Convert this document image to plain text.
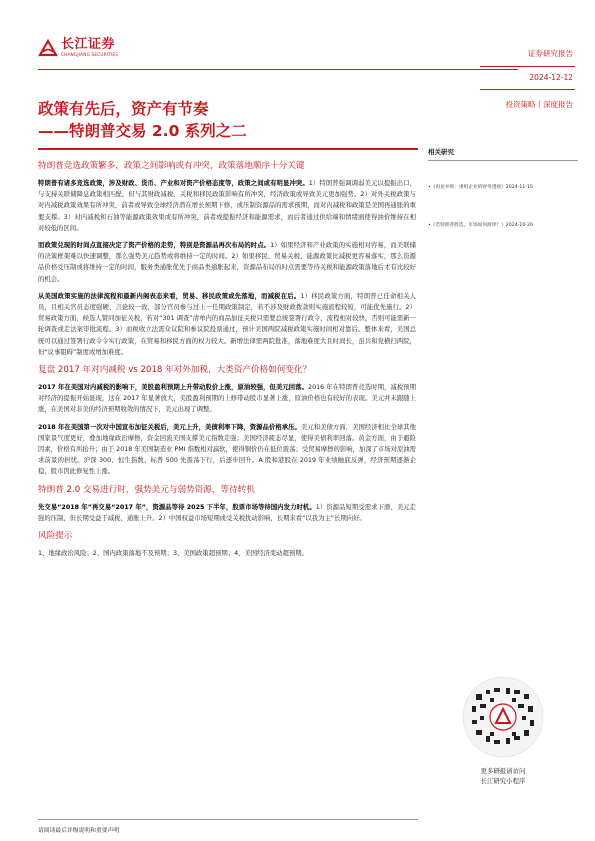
长江证券
CHANGJIANG SECURITIES	证券研究报告
2024-12-12
投资策略丨深度报告
政策有先后，资产有节奏
——特朗普交易 2.0 系列之二
特朗普竞选政策繁多，政策之间影响或有冲突，政策落地顺序十分关键

特朗普有诸多竞选政策，涉及财政、货币、产业和对资产价格态度等，政策之间或有明显冲突。1）特朗普强调调弱美元以提振出口，与支持关联储降息政策相匹配，但与其财政减税、关税和移民政策影响有所冲突，经济政策或导致美元更加强势。2）对外关税政策与对内减税政策效果有所冲突，前者或导致全球经济潜在增长预期下修，或压制资源品的需求预期，而对内减税和政策是美国再通胀的重要支撑。3）对内减税和石油等能源政策效果或有所冲突，前者或提振经济和能源需求，而后者通过供给端和情绪面使得油价维持在相对较低的区间。

而政策兑现的时间点直接决定了资产价格的走势，特别是资源品再次布局的时点。1）如果经济和产业政策的实施相对容易，而美联储的决策框架难以快速调整，那么强势美元趋势或将维持一定的时间。2）如果移民、贸易关税、能源政策比减税更容易落实，那么资源品价格受压制或将维持一定的时间，服务类通胀优先于商品类通胀起来，资源品布局的时点需要等待关税和能源政策落地后才有比较好的机会。

从美国政策实施的法律流程和最新内阁表态来看，贸易、移民政策或先落地，而减税在后。1）移民政策方面，特朗普已任命相关人员，且相关官员态度强硬、言论较一致，部分官员参与过上一任期政策制定，若不涉及财政拨款则实施流程较短，可能优先施行。2）贸易政策方面，候选人赞同加征关税，若对“301 调查”清单内的商品加征关税只需要总统签署行政令，流程相对较快，否则可能需新一轮调查或走法案审批流程。3）而税收立法需众议院和参议院投票通过，预计美国两院减税政策实施时间相对靠后。整体来看，美国总统可以通过签署行政令令实行政策，在贸易和移民方面的权力较大。新增法律需两院批准，落地难度大且时间长，虽共和党横扫两院，但“议事阻碍”制度或增加难度。

复盘 2017 年对内减税 vs 2018 年对外加税，大类资产价格如何变化？

2017 年在美国对内减税的影响下，美股盈利预期上升带动股价上涨，原油较强，但美元回落。2016 年在特朗普竞选时期，减税预期对经济的提振开始显现，这在 2017 年显著放大，美股盈利预期的上修带动股市显著上涨，原油价格也有较好的表现。美元并未跟随上涨，在美国对非美的经济预期收敛的情况下，美元出现了调整。

2018 年在美国第一次对中国宣布加征关税后，美元上升，美债利率下降，资源品价格承压。美元和美债方面，美国经济相比全球其他国家景气度更好，叠加地缘政治摩擦，资金回流美国支撑美元指数走强；美国经济疲态尽显，使得美债利率回落。黄金方面，由于避险因素，价格有所抬升；由于 2018 年美国制造业 PMI 指数相对羸软，使得铜价仍在低位震荡；受贸易摩擦的影响，加深了市场对原油需求前景的担忧。沪深 300、恒生指数、标普 500 先震荡下行，后逐步回升。A 股和港股在 2019 年业绩触底反弹，经济预期逐渐企稳，股市因此修复性上涨。

特朗普 2.0 交易进行时，强势美元与弱势资源，等待转机

先交易“2018 年”再交易“2017 年”，资源品等待 2025 下半年，股票市场等待国内发力时机。1）资源品短期受需求下滑、美元走强的压制，但长期受益于减税、通胀上升。2）中国权益市场短期或受关税扰动影响，长期来看“以我为主”长期向好。

风险提示

1、地缘政治风险；2、国内政策落地不及预期；3、美国政策超预期；4、美国经济变动超预期。

相关研究
•《再论并购：重组企业的财务透视》2024-11-15
•《若特朗普胜选，市场如何演绎？》2024-10-20
更多研报请访问
长江研究小程序
请阅读最后评级说明和重要声明
